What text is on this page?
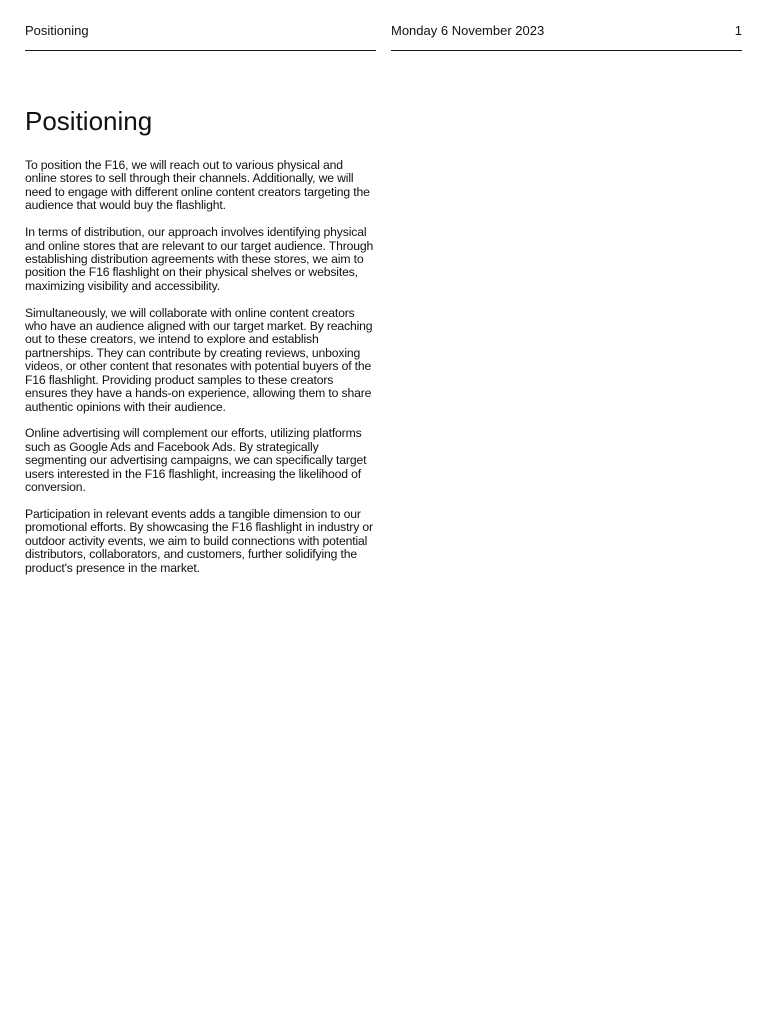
Positioning	Monday 6 November 2023	1
Positioning

To position the F16, we will reach out to various physical and online stores to sell through their channels. Additionally, we will need to engage with different online content creators targeting the audience that would buy the flashlight.

In terms of distribution, our approach involves identifying physical and online stores that are relevant to our target audience. Through establishing distribution agreements with these stores, we aim to position the F16 flashlight on their physical shelves or websites, maximizing visibility and accessibility.

Simultaneously, we will collaborate with online content creators who have an audience aligned with our target market. By reaching out to these creators, we intend to explore and establish partnerships. They can contribute by creating reviews, unboxing videos, or other content that resonates with potential buyers of the F16 flashlight. Providing product samples to these creators ensures they have a hands-on experience, allowing them to share authentic opinions with their audience.

Online advertising will complement our efforts, utilizing platforms such as Google Ads and Facebook Ads. By strategically segmenting our advertising campaigns, we can specifically target users interested in the F16 flashlight, increasing the likelihood of conversion.

Participation in relevant events adds a tangible dimension to our promotional efforts. By showcasing the F16 flashlight in industry or outdoor activity events, we aim to build connections with potential distributors, collaborators, and customers, further solidifying the product's presence in the market.
